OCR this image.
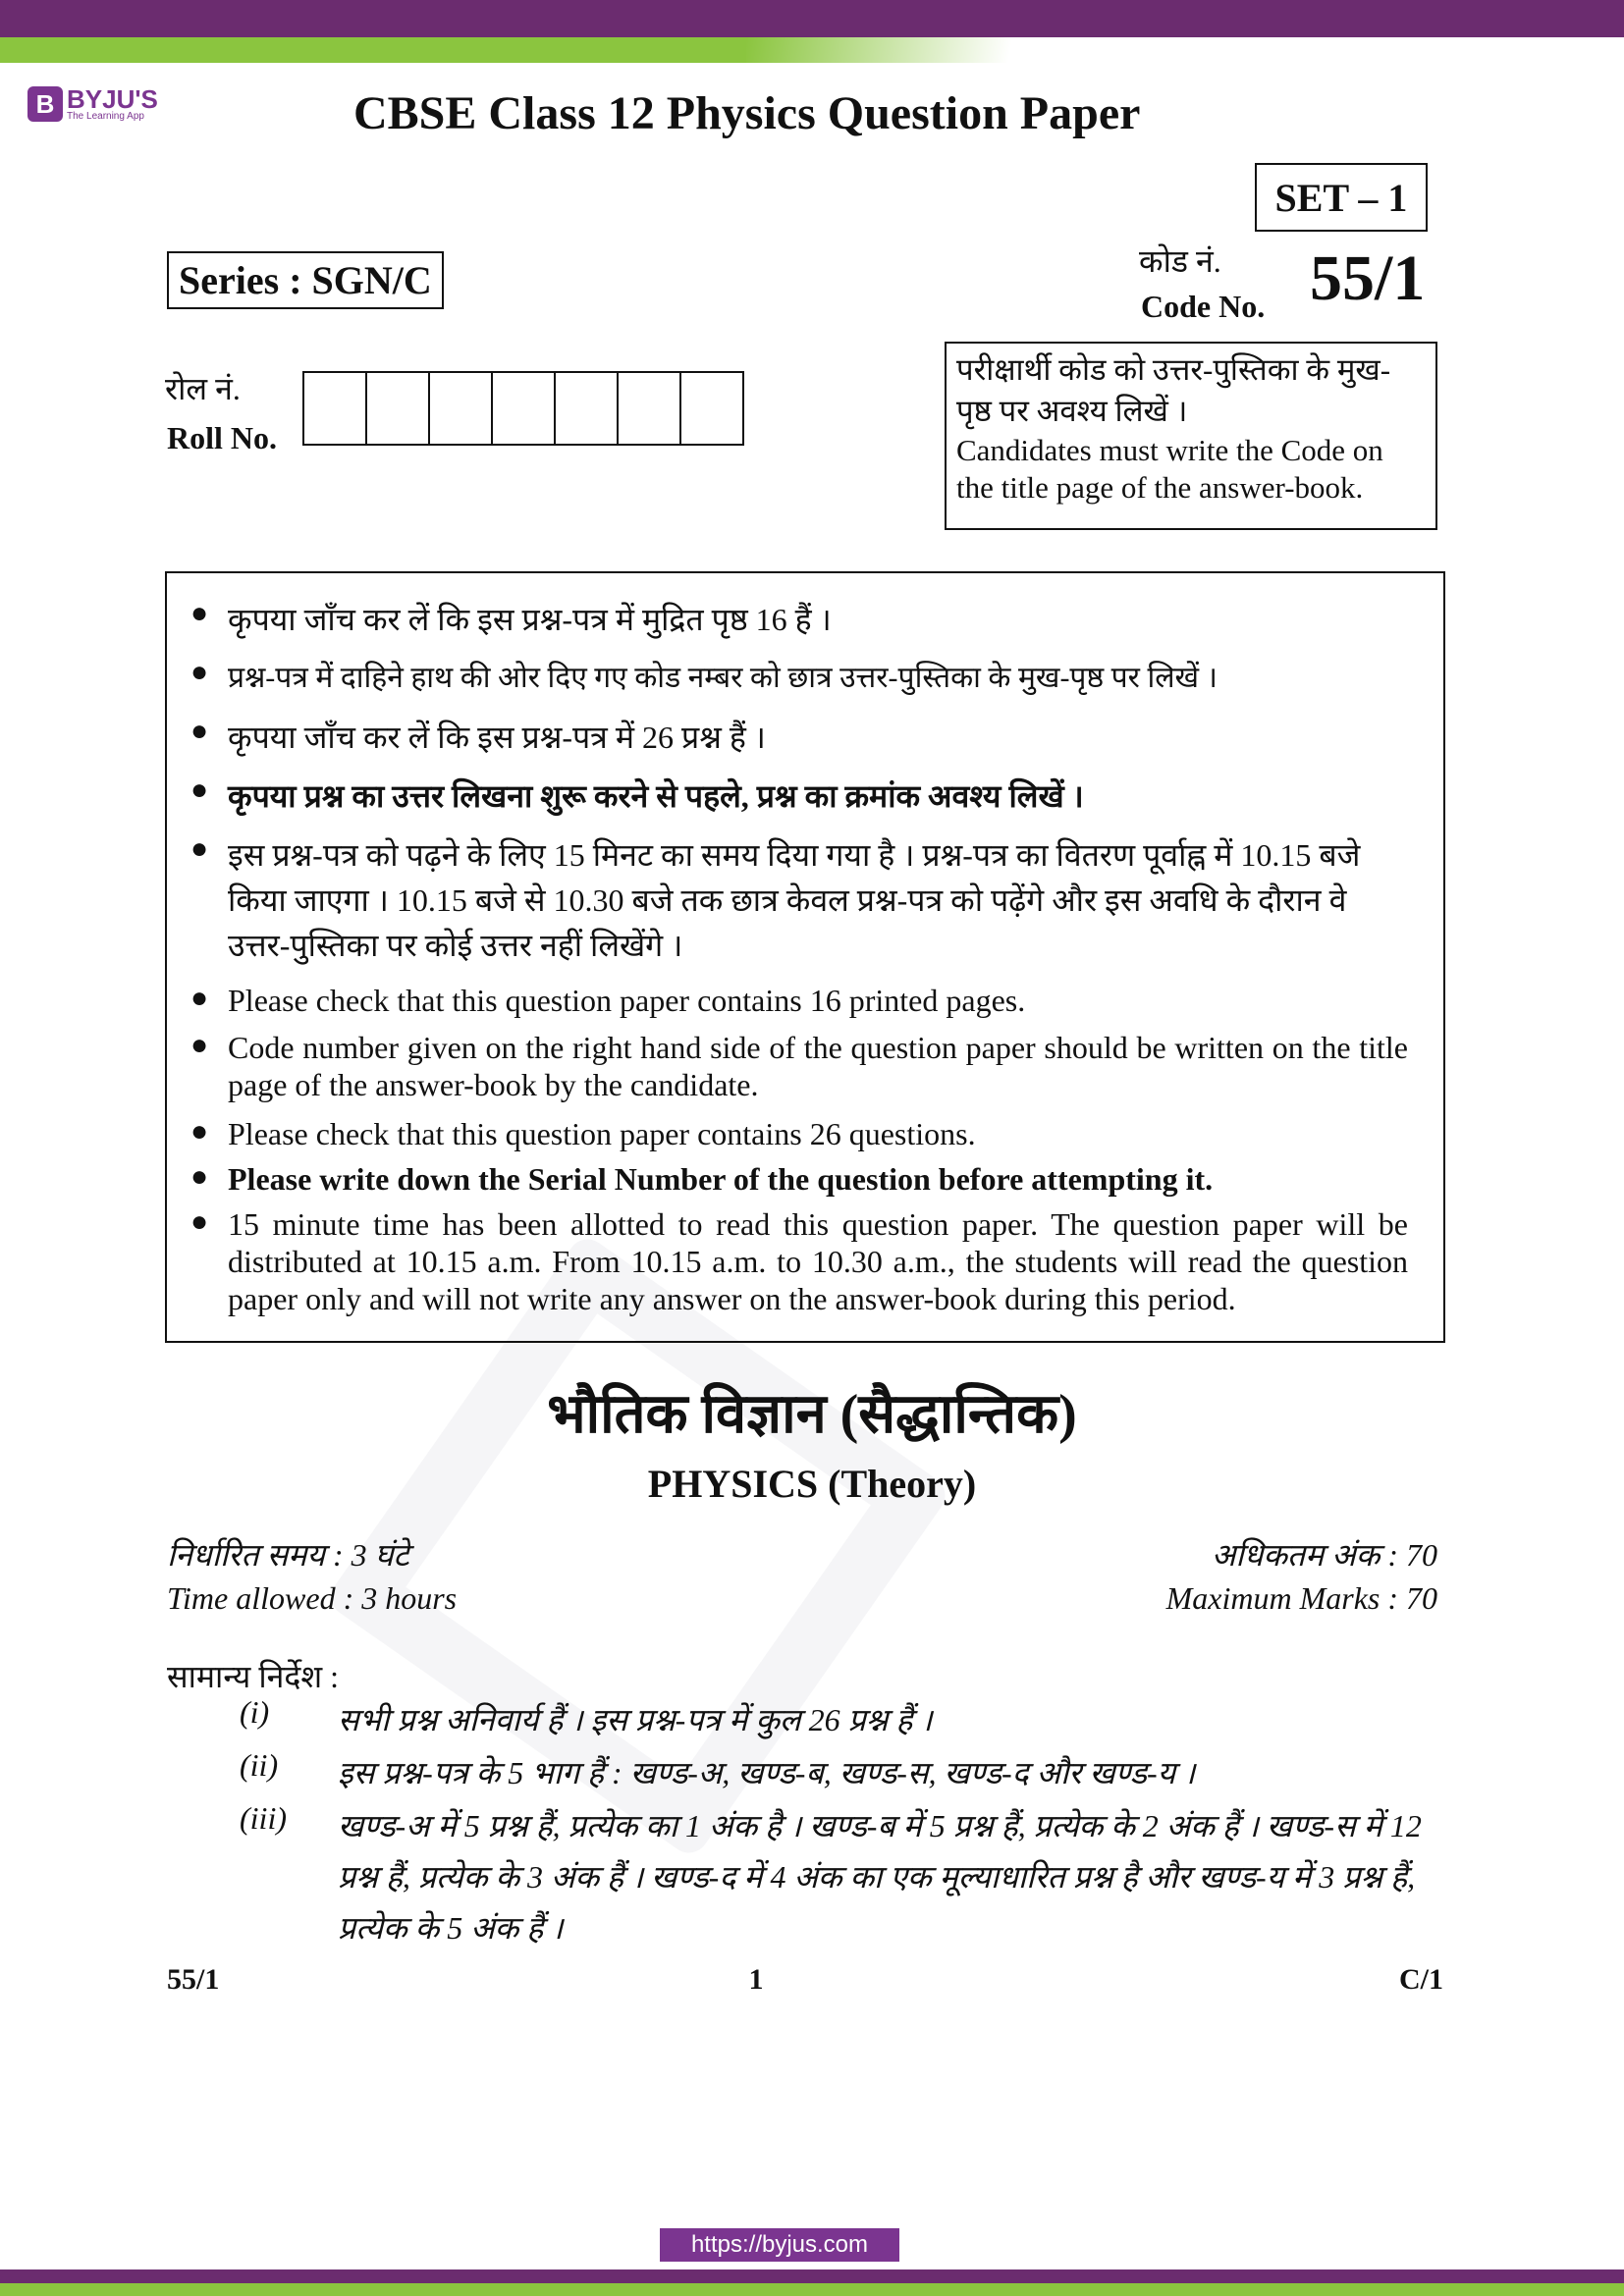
B BYJU'S
The Learning App	CBSE Class 12 Physics Question Paper
SET – 1
Series : SGN/C	कोड नं.
Code No. 55/1
रोल नं.
Roll No.
परीक्षार्थी कोड को उत्तर-पुस्तिका के मुख-
पृष्ठ पर अवश्य लिखें ।
Candidates must write the Code on the title page of the answer-book.
● कृपया जाँच कर लें कि इस प्रश्न-पत्र में मुद्रित पृष्ठ 16 हैं ।
● प्रश्न-पत्र में दाहिने हाथ की ओर दिए गए कोड नम्बर को छात्र उत्तर-पुस्तिका के मुख-पृष्ठ पर लिखें ।
● कृपया जाँच कर लें कि इस प्रश्न-पत्र में 26 प्रश्न हैं ।
● कृपया प्रश्न का उत्तर लिखना शुरू करने से पहले, प्रश्न का क्रमांक अवश्य लिखें ।
● इस प्रश्न-पत्र को पढ़ने के लिए 15 मिनट का समय दिया गया है । प्रश्न-पत्र का वितरण पूर्वाह्न में 10.15 बजे किया जाएगा । 10.15 बजे से 10.30 बजे तक छात्र केवल प्रश्न-पत्र को पढ़ेंगे और इस अवधि के दौरान वे उत्तर-पुस्तिका पर कोई उत्तर नहीं लिखेंगे ।
● Please check that this question paper contains 16 printed pages.
● Code number given on the right hand side of the question paper should be written on the title page of the answer-book by the candidate.
● Please check that this question paper contains 26 questions.
● Please write down the Serial Number of the question before attempting it.
● 15 minute time has been allotted to read this question paper. The question paper will be distributed at 10.15 a.m. From 10.15 a.m. to 10.30 a.m., the students will read the question paper only and will not write any answer on the answer-book during this period.
भौतिक विज्ञान (सैद्धान्तिक)
PHYSICS (Theory)
निर्धारित समय : 3 घंटे
Time allowed : 3 hours
अधिकतम अंक : 70
Maximum Marks : 70
सामान्य निर्देश :
(i)	सभी प्रश्न अनिवार्य हैं । इस प्रश्न-पत्र में कुल 26 प्रश्न हैं ।
(ii)	इस प्रश्न-पत्र के 5 भाग हैं : खण्ड-अ, खण्ड-ब, खण्ड-स, खण्ड-द और खण्ड-य ।
(iii)	खण्ड-अ में 5 प्रश्न हैं, प्रत्येक का 1 अंक है । खण्ड-ब में 5 प्रश्न हैं, प्रत्येक के 2 अंक हैं । खण्ड-स में 12 प्रश्न हैं, प्रत्येक के 3 अंक हैं । खण्ड-द में 4 अंक का एक मूल्याधारित प्रश्न है और खण्ड-य में 3 प्रश्न हैं, प्रत्येक के 5 अंक हैं ।
55/1	1	C/1
https://byjus.com
